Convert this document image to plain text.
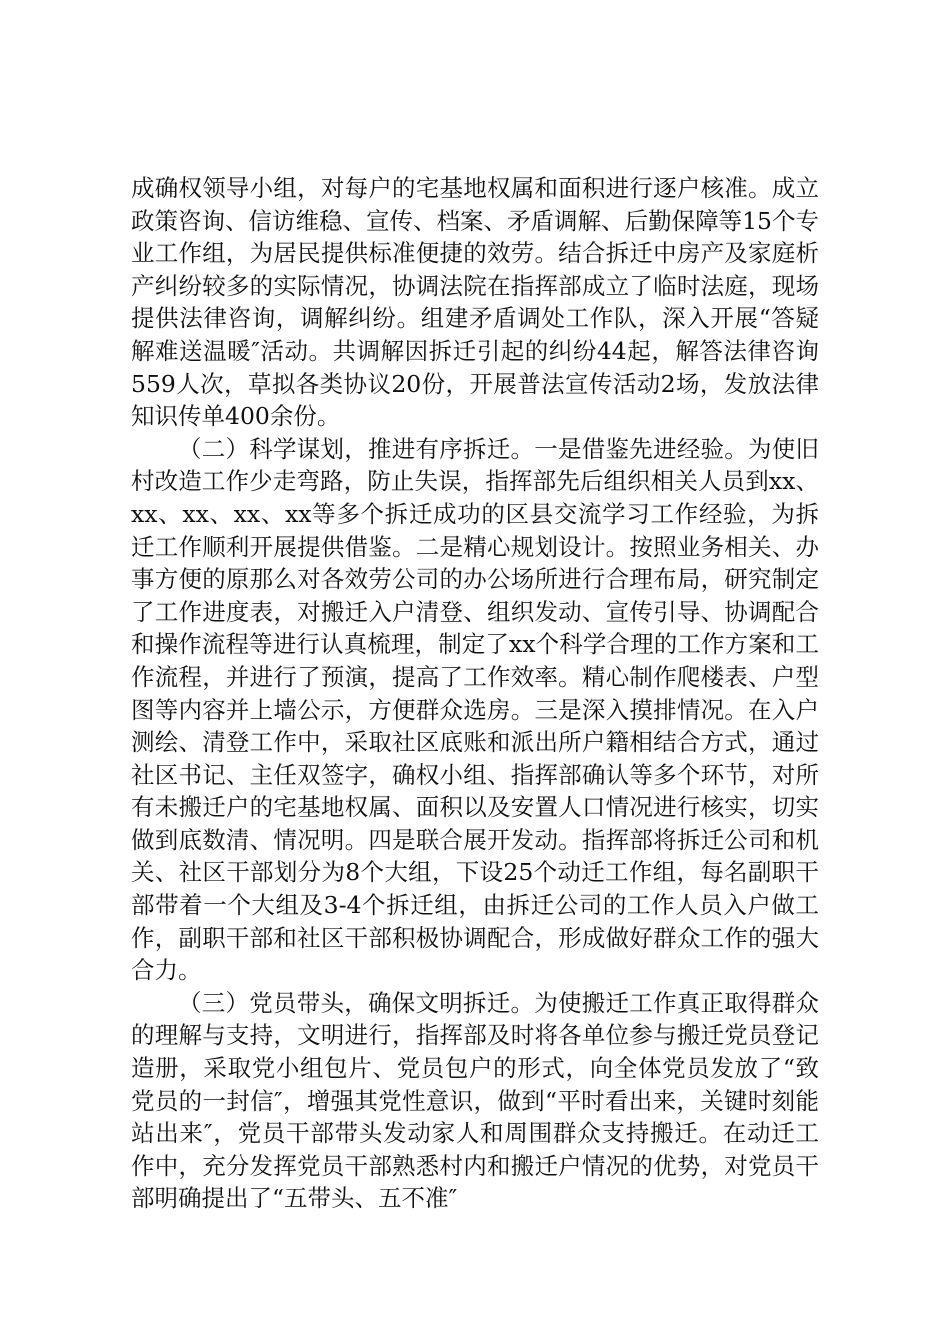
成确权领导小组，对每户的宅基地权属和面积进行逐户核准。成立政策咨询、信访维稳、宣传、档案、矛盾调解、后勤保障等15个专业工作组，为居民提供标准便捷的效劳。结合拆迁中房产及家庭析产纠纷较多的实际情况，协调法院在指挥部成立了临时法庭，现场提供法律咨询，调解纠纷。组建矛盾调处工作队，深入开展“答疑解难送温暖″活动。共调解因拆迁引起的纠纷44起，解答法律咨询559人次，草拟各类协议20份，开展普法宣传活动2场，发放法律知识传单400余份。

（二）科学谋划，推进有序拆迁。一是借鉴先进经验。为使旧村改造工作少走弯路，防止失误，指挥部先后组织相关人员到xx、xx、xx、xx、xx等多个拆迁成功的区县交流学习工作经验，为拆迁工作顺利开展提供借鉴。二是精心规划设计。按照业务相关、办事方便的原那么对各效劳公司的办公场所进行合理布局，研究制定了工作进度表，对搬迁入户清登、组织发动、宣传引导、协调配合和操作流程等进行认真梳理，制定了xx个科学合理的工作方案和工作流程，并进行了预演，提高了工作效率。精心制作爬楼表、户型图等内容并上墙公示，方便群众选房。三是深入摸排情况。在入户测绘、清登工作中，采取社区底账和派出所户籍相结合方式，通过社区书记、主任双签字，确权小组、指挥部确认等多个环节，对所有未搬迁户的宅基地权属、面积以及安置人口情况进行核实，切实做到底数清、情况明。四是联合展开发动。指挥部将拆迁公司和机关、社区干部划分为8个大组，下设25个动迁工作组，每名副职干部带着一个大组及3-4个拆迁组，由拆迁公司的工作人员入户做工作，副职干部和社区干部积极协调配合，形成做好群众工作的强大合力。

（三）党员带头，确保文明拆迁。为使搬迁工作真正取得群众的理解与支持，文明进行，指挥部及时将各单位参与搬迁党员登记造册，采取党小组包片、党员包户的形式，向全体党员发放了“致党员的一封信″，增强其党性意识，做到“平时看出来，关键时刻能站出来″，党员干部带头发动家人和周围群众支持搬迁。在动迁工作中，充分发挥党员干部熟悉村内和搬迁户情况的优势，对党员干部明确提出了“五带头、五不准″
